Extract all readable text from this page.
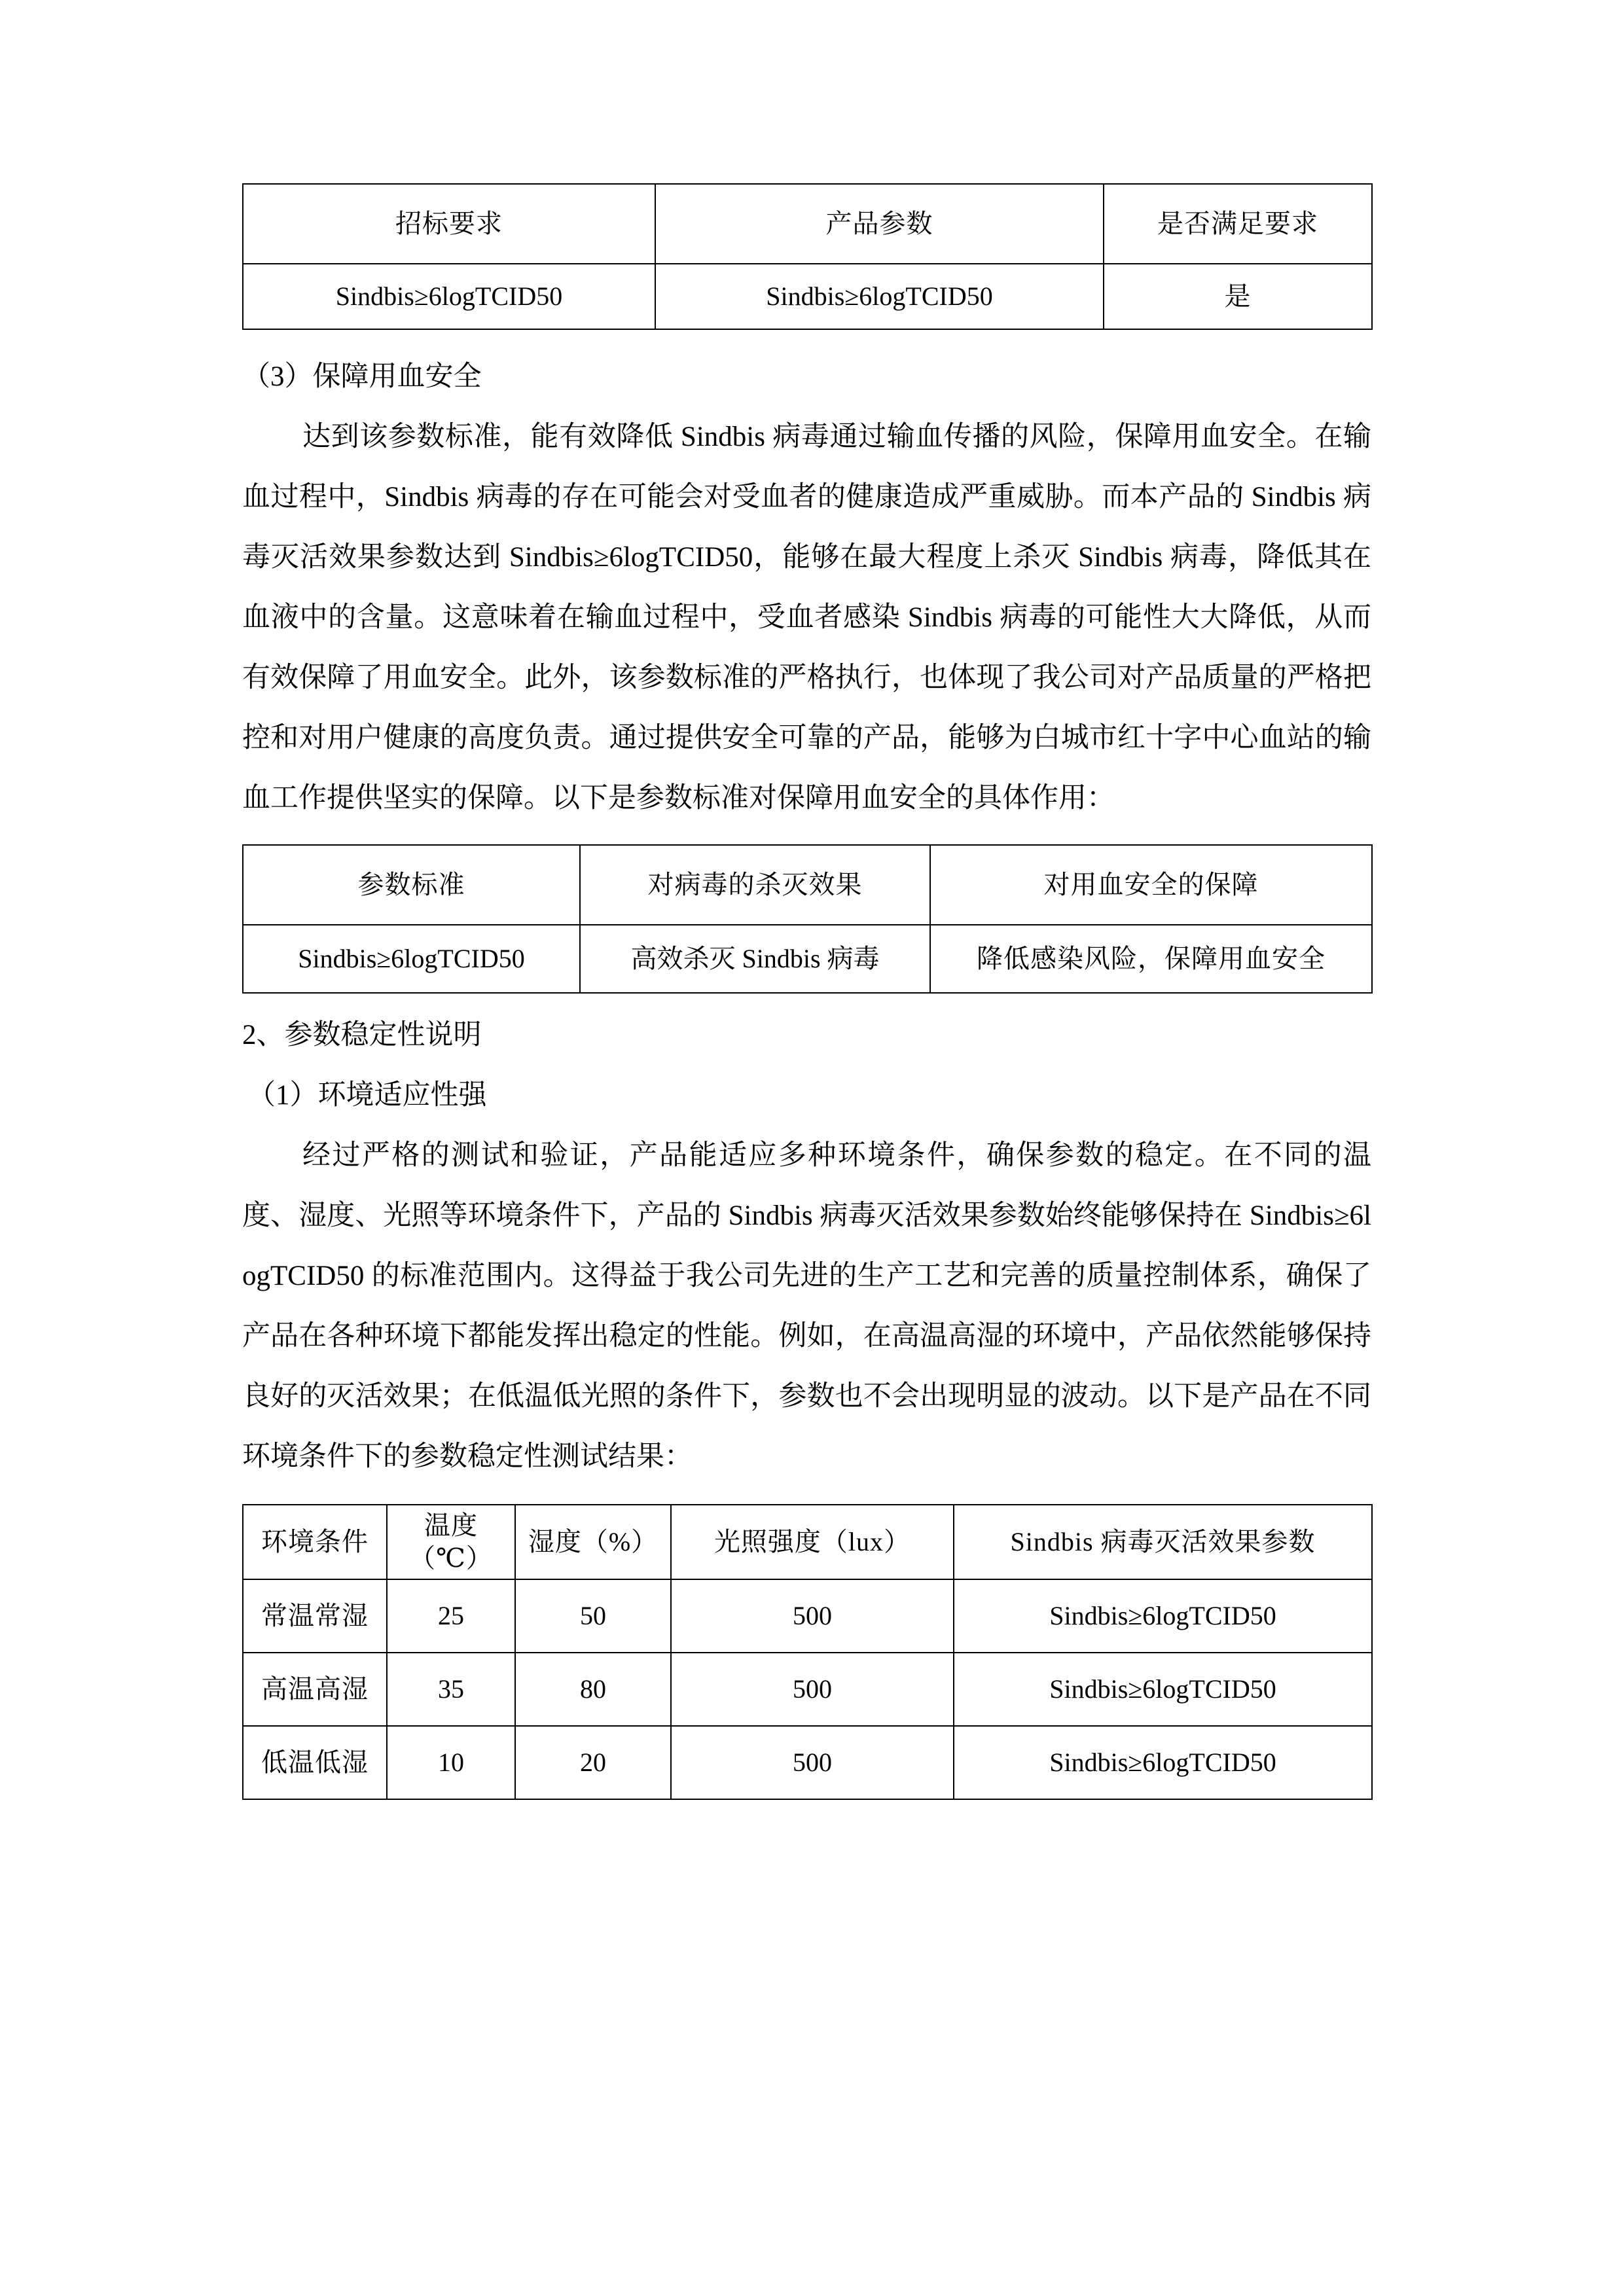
招标要求	产品参数	是否满足要求
Sindbis≥6logTCID50	Sindbis≥6logTCID50	是

（3）保障用血安全

达到该参数标准，能有效降低 Sindbis 病毒通过输血传播的风险，保障用血安全。在输血过程中，Sindbis 病毒的存在可能会对受血者的健康造成严重威胁。而本产品的 Sindbis 病毒灭活效果参数达到 Sindbis≥6logTCID50，能够在最大程度上杀灭 Sindbis 病毒，降低其在血液中的含量。这意味着在输血过程中，受血者感染 Sindbis 病毒的可能性大大降低，从而有效保障了用血安全。此外，该参数标准的严格执行，也体现了我公司对产品质量的严格把控和对用户健康的高度负责。通过提供安全可靠的产品，能够为白城市红十字中心血站的输血工作提供坚实的保障。以下是参数标准对保障用血安全的具体作用：

参数标准	对病毒的杀灭效果	对用血安全的保障
Sindbis≥6logTCID50	高效杀灭 Sindbis 病毒	降低感染风险，保障用血安全

2、参数稳定性说明

（1）环境适应性强

经过严格的测试和验证，产品能适应多种环境条件，确保参数的稳定。在不同的温度、湿度、光照等环境条件下，产品的 Sindbis 病毒灭活效果参数始终能够保持在 Sindbis≥6logTCID50 的标准范围内。这得益于我公司先进的生产工艺和完善的质量控制体系，确保了产品在各种环境下都能发挥出稳定的性能。例如，在高温高湿的环境中，产品依然能够保持良好的灭活效果；在低温低光照的条件下，参数也不会出现明显的波动。以下是产品在不同环境条件下的参数稳定性测试结果：

环境条件	温度（℃）	湿度（%）	光照强度（lux）	Sindbis 病毒灭活效果参数
常温常湿	25	50	500	Sindbis≥6logTCID50
高温高湿	35	80	500	Sindbis≥6logTCID50
低温低湿	10	20	500	Sindbis≥6logTCID50
